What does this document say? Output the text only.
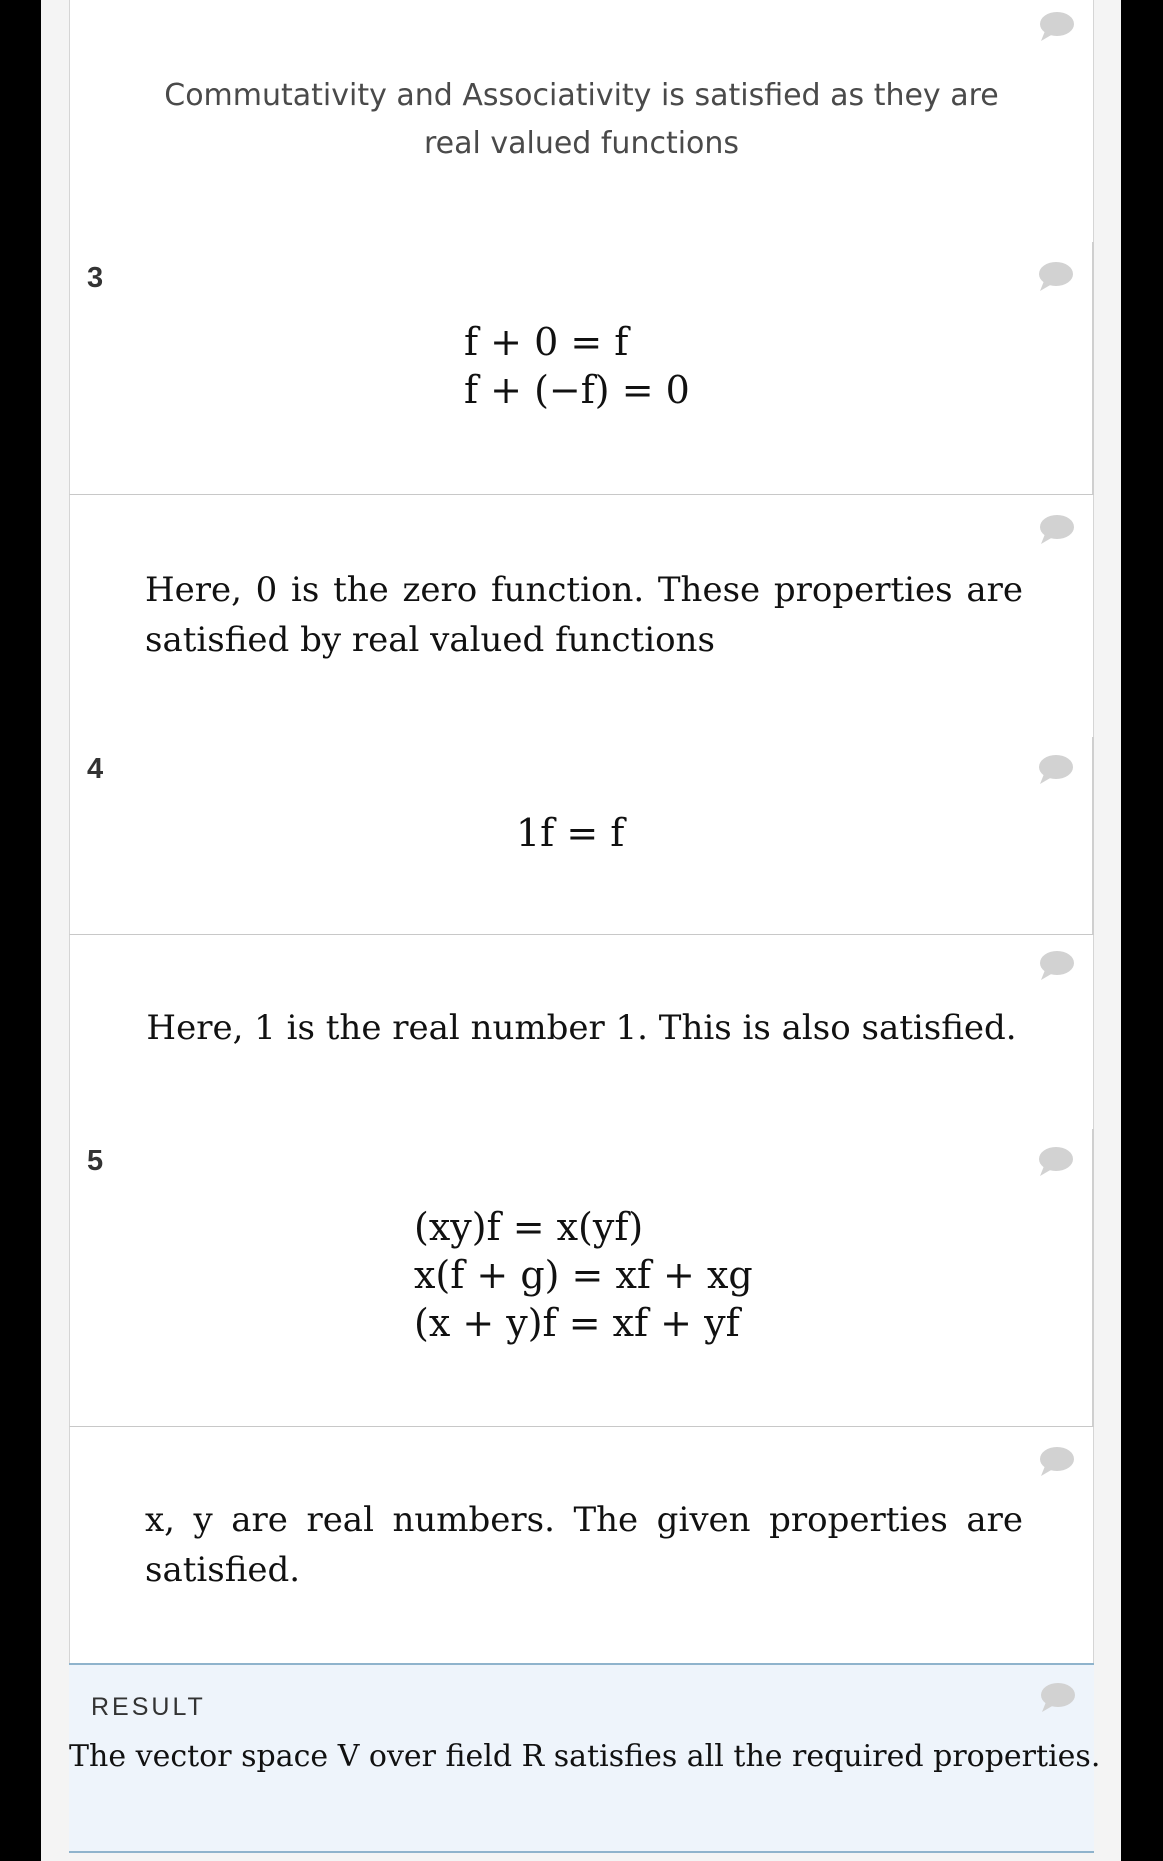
Commutativity and Associativity is satisfied as they are real valued functions
3
f + 0 = f
f + (−f) = 0
Here, 0 is the zero function. These properties are satisfied by real valued functions
4
1f = f
Here, 1 is the real number 1. This is also satisfied.
5
(xy)f = x(yf)
x(f + g) = xf + xg
(x + y)f = xf + yf
x, y are real numbers. The given properties are satisfied.
RESULT
The vector space V over field R satisfies all the required properties.
